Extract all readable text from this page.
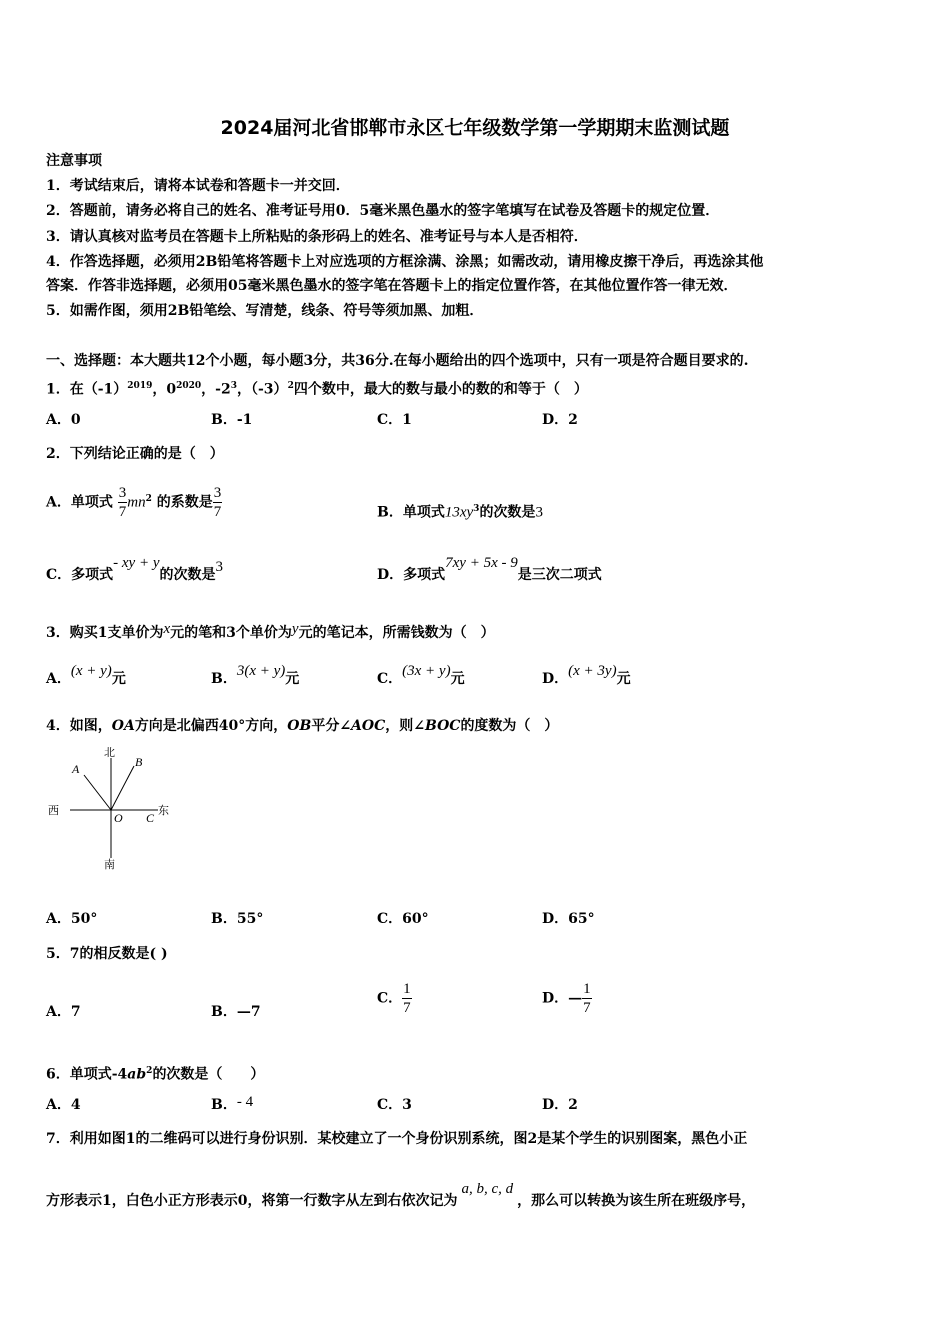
2024届河北省邯郸市永区七年级数学第一学期期末监测试题
注意事项
1．考试结束后，请将本试卷和答题卡一并交回．
2．答题前，请务必将自己的姓名、准考证号用0．5毫米黑色墨水的签字笔填写在试卷及答题卡的规定位置．
3．请认真核对监考员在答题卡上所粘贴的条形码上的姓名、准考证号与本人是否相符．
4．作答选择题，必须用2B铅笔将答题卡上对应选项的方框涂满、涂黑；如需改动，请用橡皮擦干净后，再选涂其他
答案．作答非选择题，必须用05毫米黑色墨水的签字笔在答题卡上的指定位置作答，在其他位置作答一律无效．
5．如需作图，须用2B铅笔绘、写清楚，线条、符号等须加黑、加粗．
一、选择题：本大题共12个小题，每小题3分，共36分.在每小题给出的四个选项中，只有一项是符合题目要求的.
1．在$(-1)^{2019}$，$0^{2020}$，$-2^3$，$(-3)^2$四个数中，最大的数与最小的数的和等于（　）
A．0	B．-1	C．1	D．2
2．下列结论正确的是（　）
A．单项式 $\frac{3}{7} mn^2$ 的系数是 $\frac{3}{7}$	B．单项式$13xy^3$的次数是3
C．多项式- xy + y的次数是3	D．多项式7xy + 5x - 9是三次二项式
3．购买1支单价为x元的笔和3个单价为y元的笔记本，所需钱数为（　）
A．(x + y)元	B．3(x + y)元	C．(3x + y)元	D．(x + 3y)元
4．如图，OA方向是北偏西40°方向，OB平分∠AOC，则∠BOC的度数为（　）
北
南
西	东
A	B
O C
A．50°	B．55°	C．60°	D．65°
5．7的相反数是( )
A．7	B．—7
C． $\frac{1}{7}$	D．— $\frac{1}{7}$
6．单项式$-4ab^2$的次数是（　　）
A．4	B．- 4	C．3	D．2
7．利用如图1的二维码可以进行身份识别．某校建立了一个身份识别系统，图2是某个学生的识别图案，黑色小正
方形表示1，白色小正方形表示0，将第一行数字从左到右依次记为a, b, c, d，那么可以转换为该生所在班级序号，
